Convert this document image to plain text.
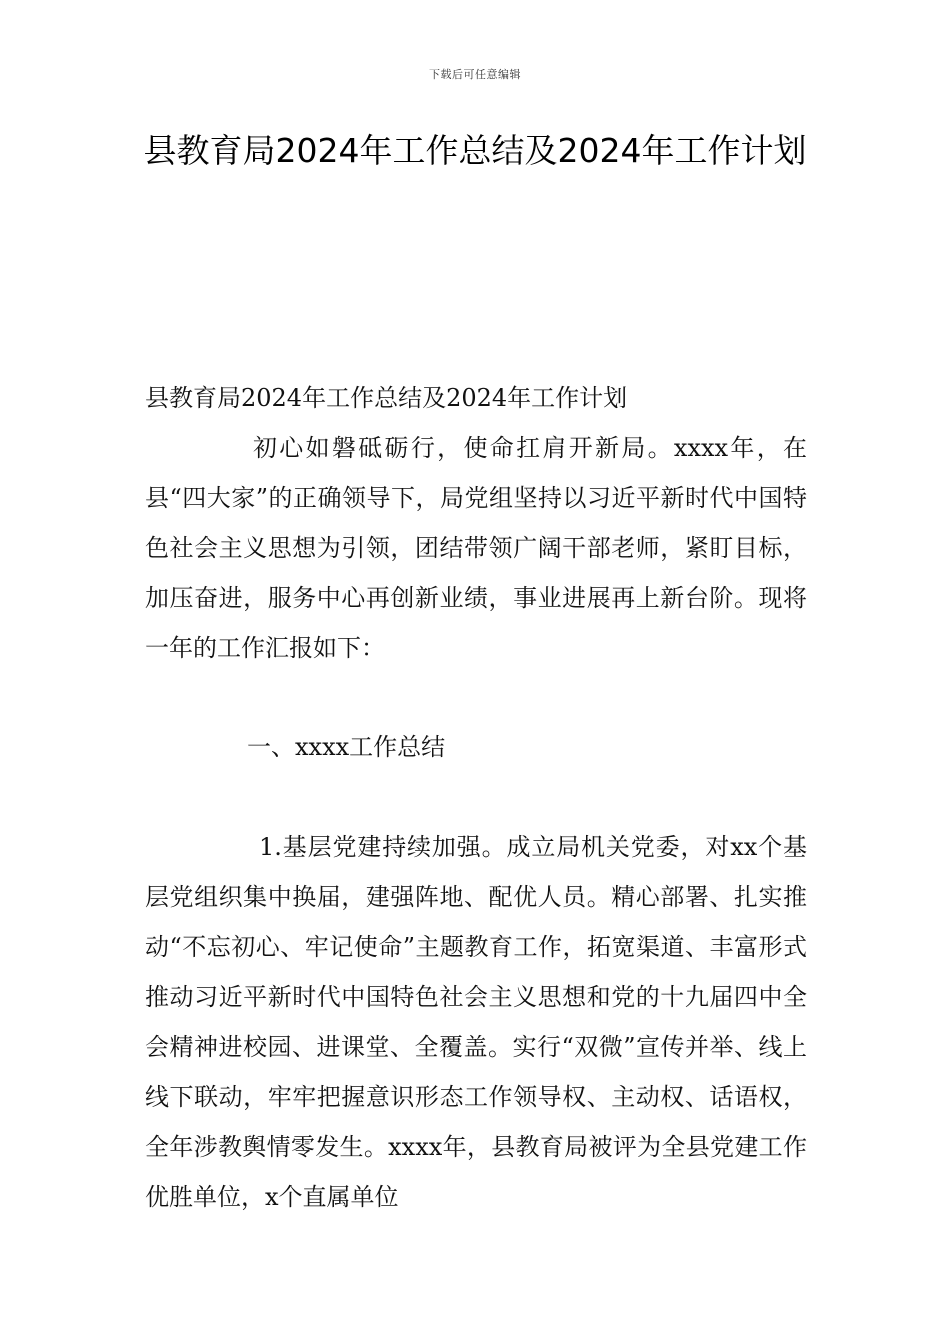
下载后可任意编辑
县教育局2024年工作总结及2024年工作计划

县教育局2024年工作总结及2024年工作计划

初心如磐砥砺行，使命扛肩开新局。xxxx年，在县“四大家”的正确领导下，局党组坚持以习近平新时代中国特色社会主义思想为引领，团结带领广阔干部老师，紧盯目标，加压奋进，服务中心再创新业绩，事业进展再上新台阶。现将一年的工作汇报如下：

一、xxxx工作总结

1.基层党建持续加强。成立局机关党委，对xx个基层党组织集中换届，建强阵地、配优人员。精心部署、扎实推动“不忘初心、牢记使命”主题教育工作，拓宽渠道、丰富形式推动习近平新时代中国特色社会主义思想和党的十九届四中全会精神进校园、进课堂、全覆盖。实行“双微”宣传并举、线上线下联动，牢牢把握意识形态工作领导权、主动权、话语权，全年涉教舆情零发生。xxxx年，县教育局被评为全县党建工作优胜单位，x个直属单位
